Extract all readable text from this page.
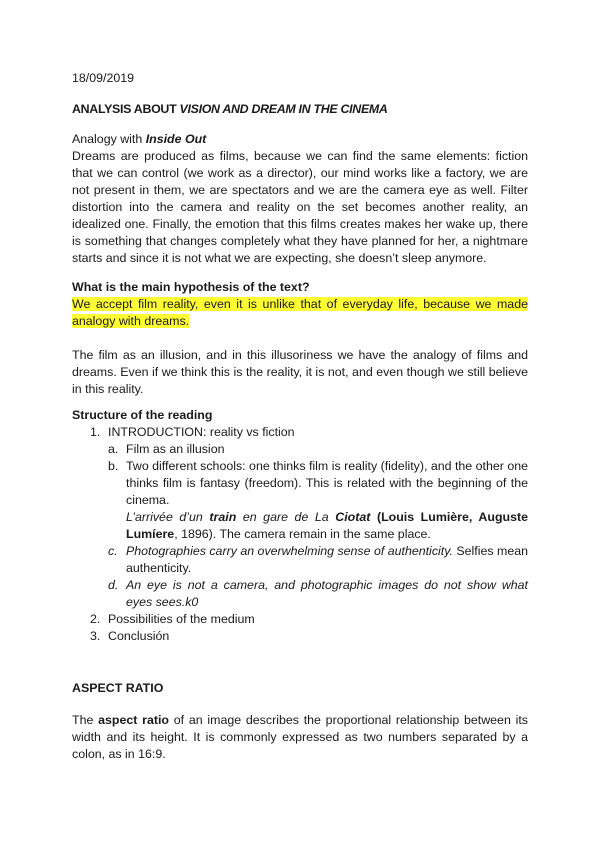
18/09/2019

ANALYSIS ABOUT VISION AND DREAM IN THE CINEMA

Analogy with Inside Out

Dreams are produced as films, because we can find the same elements: fiction that we can control (we work as a director), our mind works like a factory, we are not present in them, we are spectators and we are the camera eye as well. Filter distortion into the camera and reality on the set becomes another reality, an idealized one. Finally, the emotion that this films creates makes her wake up, there is something that changes completely what they have planned for her, a nightmare starts and since it is not what we are expecting, she doesn’t sleep anymore.

What is the main hypothesis of the text?

We accept film reality, even it is unlike that of everyday life, because we made analogy with dreams.

The film as an illusion, and in this illusoriness we have the analogy of films and dreams. Even if we think this is the reality, it is not, and even though we still believe in this reality.

Structure of the reading

1. INTRODUCTION: reality vs fiction
a. Film as an illusion
b. Two different schools: one thinks film is reality (fidelity), and the other one thinks film is fantasy (freedom). This is related with the beginning of the cinema.
L’arrivée d’un train en gare de La Ciotat (Louis Lumière, Auguste Lumíere, 1896). The camera remain in the same place.
c. Photographies carry an overwhelming sense of authenticity. Selfies mean authenticity.
d. An eye is not a camera, and photographic images do not show what eyes sees.k0
2. Possibilities of the medium
3. Conclusión

ASPECT RATIO

The aspect ratio of an image describes the proportional relationship between its width and its height. It is commonly expressed as two numbers separated by a colon, as in 16:9.
